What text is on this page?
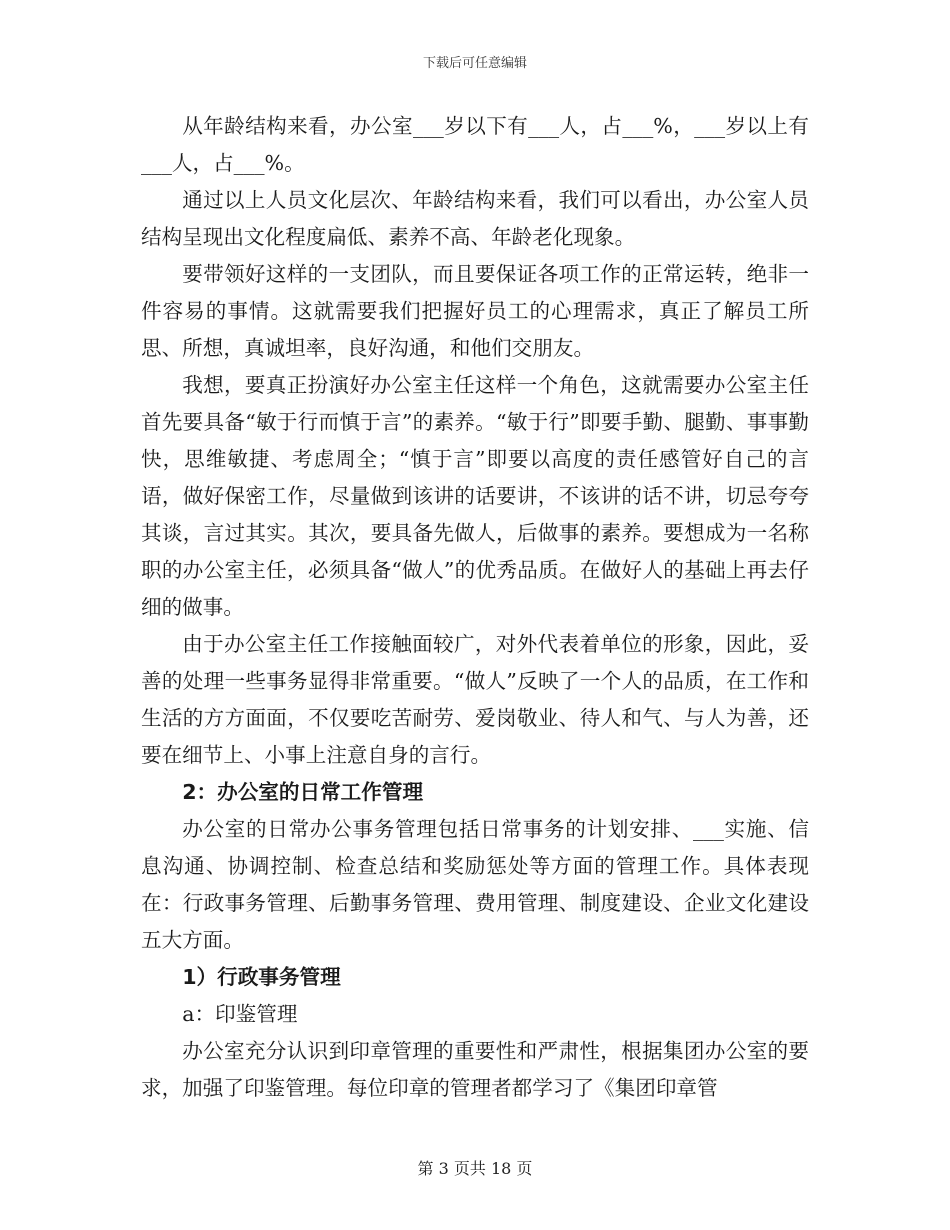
下载后可任意编辑

从年龄结构来看，办公室___岁以下有___人，占___%，___岁以上有___人，占___%。

通过以上人员文化层次、年龄结构来看，我们可以看出，办公室人员结构呈现出文化程度扁低、素养不高、年龄老化现象。

要带领好这样的一支团队，而且要保证各项工作的正常运转，绝非一件容易的事情。这就需要我们把握好员工的心理需求，真正了解员工所思、所想，真诚坦率，良好沟通，和他们交朋友。

我想，要真正扮演好办公室主任这样一个角色，这就需要办公室主任首先要具备“敏于行而慎于言”的素养。“敏于行”即要手勤、腿勤、事事勤快，思维敏捷、考虑周全；“慎于言”即要以高度的责任感管好自己的言语，做好保密工作，尽量做到该讲的话要讲，不该讲的话不讲，切忌夸夸其谈，言过其实。其次，要具备先做人，后做事的素养。要想成为一名称职的办公室主任，必须具备“做人”的优秀品质。在做好人的基础上再去仔细的做事。

由于办公室主任工作接触面较广，对外代表着单位的形象，因此，妥善的处理一些事务显得非常重要。“做人”反映了一个人的品质，在工作和生活的方方面面，不仅要吃苦耐劳、爱岗敬业、待人和气、与人为善，还要在细节上、小事上注意自身的言行。

2：办公室的日常工作管理

办公室的日常办公事务管理包括日常事务的计划安排、___实施、信息沟通、协调控制、检查总结和奖励惩处等方面的管理工作。具体表现在：行政事务管理、后勤事务管理、费用管理、制度建设、企业文化建设五大方面。

1）行政事务管理

a：印鉴管理

办公室充分认识到印章管理的重要性和严肃性，根据集团办公室的要求，加强了印鉴管理。每位印章的管理者都学习了《集团印章管

第 3 页共 18 页
